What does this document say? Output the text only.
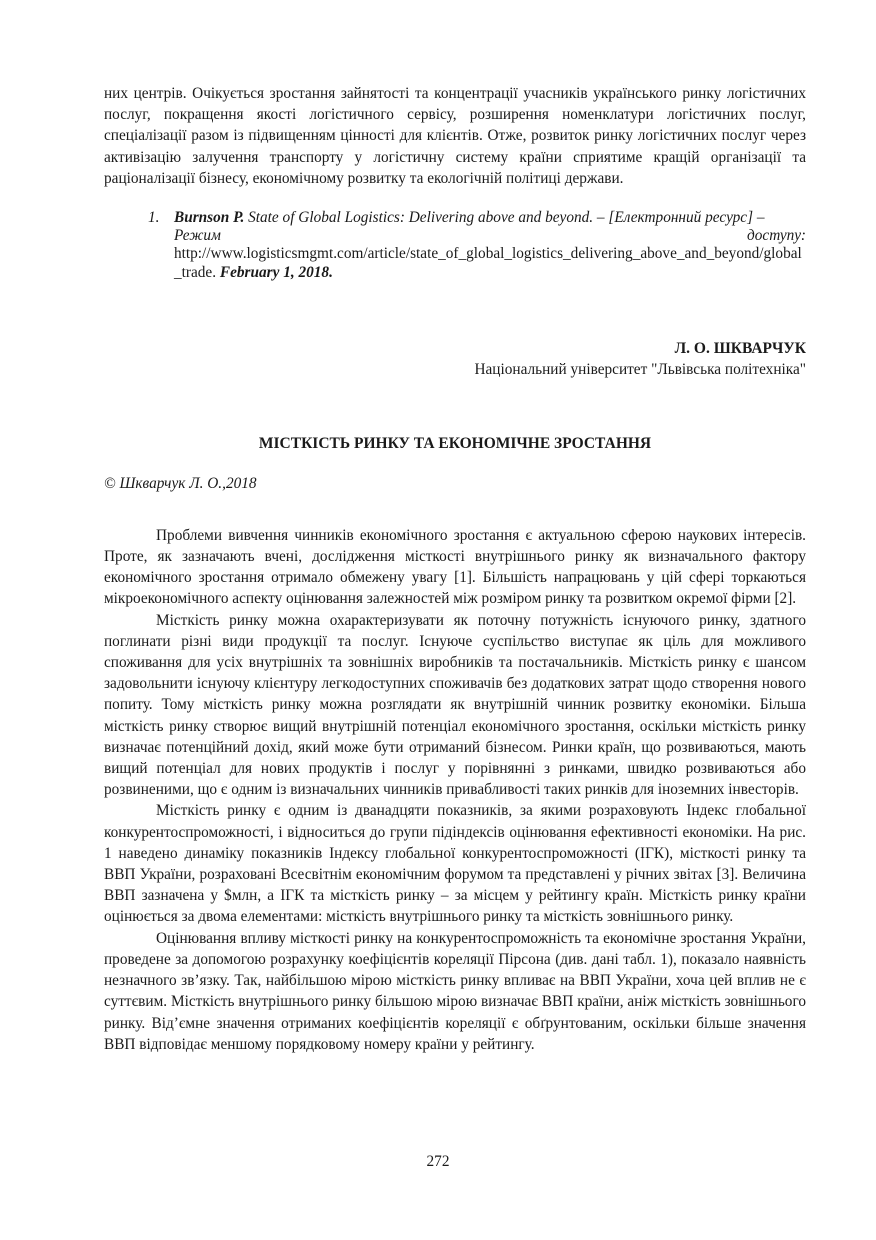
них центрів. Очікується зростання зайнятості та концентрації учасників українського ринку логістичних послуг, покращення якості логістичного сервісу, розширення номенклатури логістичних послуг, спеціалізації разом із підвищенням цінності для клієнтів. Отже, розвиток ринку логістичних послуг через активізацію залучення транспорту у логістичну систему країни сприятиме кращій організації та раціоналізації бізнесу, економічному розвитку та екологічній політиці держави.

1. Burnson P. State of Global Logistics: Delivering above and beyond. – [Електронний ресурс] –
Режим	доступу:
http://www.logisticsmgmt.com/article/state_of_global_logistics_delivering_above_and_beyond/global_trade. February 1, 2018.
Л. О. ШКВАРЧУК
Національний університет "Львівська політехніка"
МІСТКІСТЬ РИНКУ ТА ЕКОНОМІЧНЕ ЗРОСТАННЯ
© Шкварчук Л. О.,2018

Проблеми вивчення чинників економічного зростання є актуальною сферою наукових інтересів. Проте, як зазначають вчені, дослідження місткості внутрішнього ринку як визначального фактору економічного зростання отримало обмежену увагу [1]. Більшість напрацювань у цій сфері торкаються мікроекономічного аспекту оцінювання залежностей між розміром ринку та розвитком окремої фірми [2].

Місткість ринку можна охарактеризувати як поточну потужність існуючого ринку, здатного поглинати різні види продукції та послуг. Існуюче суспільство виступає як ціль для можливого споживання для усіх внутрішніх та зовнішніх виробників та постачальників. Місткість ринку є шансом задовольнити існуючу клієнтуру легкодоступних споживачів без додаткових затрат щодо створення нового попиту. Тому місткість ринку можна розглядати як внутрішній чинник розвитку економіки. Більша місткість ринку створює вищий внутрішній потенціал економічного зростання, оскільки місткість ринку визначає потенційний дохід, який може бути отриманий бізнесом. Ринки країн, що розвиваються, мають вищий потенціал для нових продуктів і послуг у порівнянні з ринками, швидко розвиваються або розвиненими, що є одним із визначальних чинників привабливості таких ринків для іноземних інвесторів.

Місткість ринку є одним із дванадцяти показників, за якими розраховують Індекс глобальної конкурентоспроможності, і відноситься до групи підіндексів оцінювання ефективності економіки. На рис. 1 наведено динаміку показників Індексу глобальної конкурентоспроможності (ІГК), місткості ринку та ВВП України, розраховані Всесвітнім економічним форумом та представлені у річних звітах [3]. Величина ВВП зазначена у $млн, а ІГК та місткість ринку – за місцем у рейтингу країн. Місткість ринку країни оцінюється за двома елементами: місткість внутрішнього ринку та місткість зовнішнього ринку.

Оцінювання впливу місткості ринку на конкурентоспроможність та економічне зростання України, проведене за допомогою розрахунку коефіцієнтів кореляції Пірсона (див. дані табл. 1), показало наявність незначного зв’язку. Так, найбільшою мірою місткість ринку впливає на ВВП України, хоча цей вплив не є суттєвим. Місткість внутрішнього ринку більшою мірою визначає ВВП країни, аніж місткість зовнішнього ринку. Від’ємне значення отриманих коефіцієнтів кореляції є обґрунтованим, оскільки більше значення ВВП відповідає меншому порядковому номеру країни у рейтингу.

272
